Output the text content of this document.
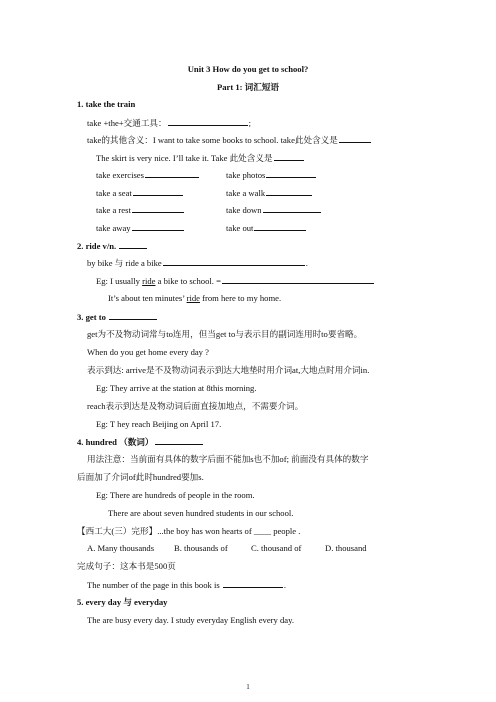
Unit 3 How do you get to school?
Part 1: 词汇短语
1. take the train
take +the+交通工具：	;
take的其他含义：I want to take some books to school. take此处含义是
The skirt is very nice. I’ll take it. Take 此处含义是
take exercises	take photos
take a seat	take a walk
take a rest	take down
take away	take out
2. ride v/n.
by bike 与 ride a bike	.
Eg: I usually ride a bike to school. =
It’s about ten minutes’ ride from here to my home.
3. get to
get为不及物动词常与to连用，但当get to与表示目的副词连用时to要省略。
When do you get home every day ?
表示到达: arrive是不及物动词表示到达大地垫时用介词at,大地点时用介词in.
Eg: They arrive at the station at 8this morning.
reach表示到达是及物动词后面直接加地点，不需要介词。
Eg: T hey reach Beijing on April 17.
4. hundred （数词）
用法注意：当前面有具体的数字后面不能加s也不加of; 前面没有具体的数字
后面加了介词of此时hundred要加s.
Eg: There are hundreds of people in the room.
There are about seven hundred students in our school.
【西工大(三）完形】...the boy has won hearts of ____ people .
A. Many thousands B. thousands of	C. thousand of	D. thousand
完成句子：这本书是500页
The number of the page in this book is	.
5. every day 与 everyday
The are busy every day. I study everyday English every day.
1
